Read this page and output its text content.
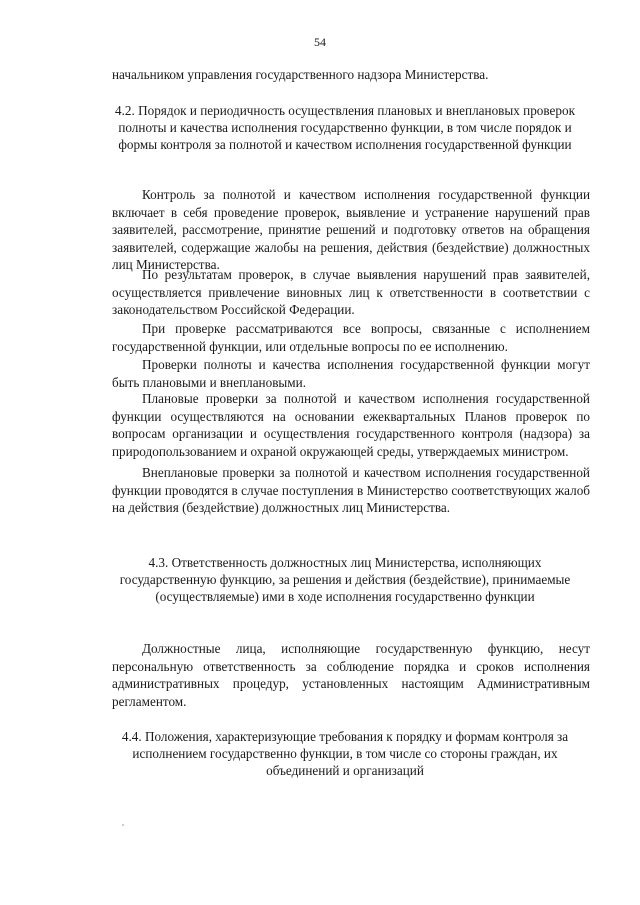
54
начальником управления государственного надзора Министерства.
4.2. Порядок и периодичность осуществления плановых и внеплановых проверок полноты и качества исполнения государственно функции, в том числе порядок и формы контроля за полнотой и качеством исполнения государственной функции
Контроль за полнотой и качеством исполнения государственной функции включает в себя проведение проверок, выявление и устранение нарушений прав заявителей, рассмотрение, принятие решений и подготовку ответов на обращения заявителей, содержащие жалобы на решения, действия (бездействие) должностных лиц Министерства.
По результатам проверок, в случае выявления нарушений прав заявителей, осуществляется привлечение виновных лиц к ответственности в соответствии с законодательством Российской Федерации.
При проверке рассматриваются все вопросы, связанные с исполнением государственной функции, или отдельные вопросы по ее исполнению.
Проверки полноты и качества исполнения государственной функции могут быть плановыми и внеплановыми.
Плановые проверки за полнотой и качеством исполнения государственной функции осуществляются на основании ежеквартальных Планов проверок по вопросам организации и осуществления государственного контроля (надзора) за природопользованием и охраной окружающей среды, утверждаемых министром.
Внеплановые проверки за полнотой и качеством исполнения государственной функции проводятся в случае поступления в Министерство соответствующих жалоб на действия (бездействие) должностных лиц Министерства.
4.3. Ответственность должностных лиц Министерства, исполняющих государственную функцию, за решения и действия (бездействие), принимаемые (осуществляемые) ими в ходе исполнения государственно функции
Должностные лица, исполняющие государственную функцию, несут персональную ответственность за соблюдение порядка и сроков исполнения административных процедур, установленных настоящим Административным регламентом.
4.4. Положения, характеризующие требования к порядку и формам контроля за исполнением государственно функции, в том числе со стороны граждан, их объединений и организаций
